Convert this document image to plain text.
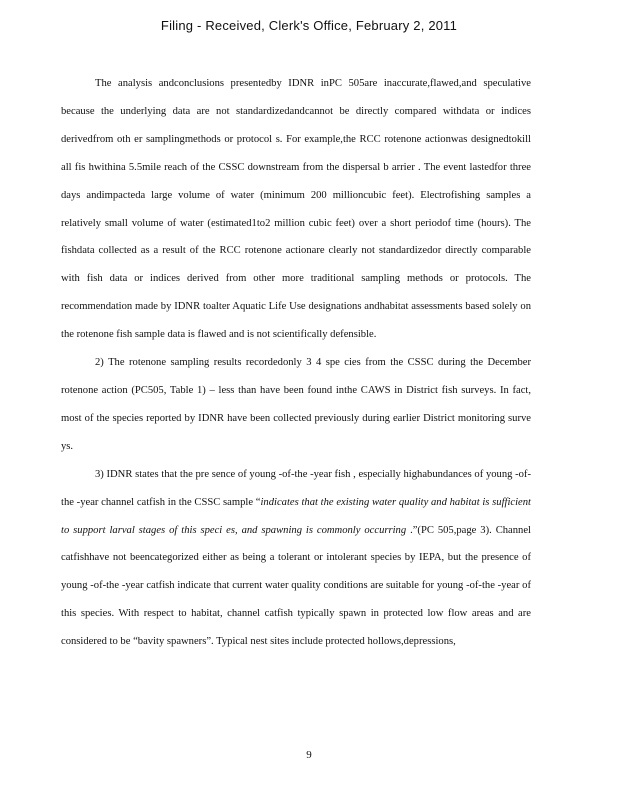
Filing - Received, Clerk's Office, February 2, 2011

The analysis andconclusions presentedby IDNR inPC 505are inaccurate,flawed,and speculative because the underlying data are not standardizedandcannot be directly compared withdata or indices derivedfrom oth er samplingmethods or protocol s. For example,the RCC rotenone actionwas designedtokill all fis hwithina 5.5mile reach of the CSSC downstream from the dispersal b arrier . The event lastedfor three days andimpacteda large volume of water (minimum 200 millioncubic feet). Electrofishing samples a relatively small volume of water (estimated1to2 million cubic feet) over a short periodof time (hours). The fishdata collected as a result of the RCC rotenone actionare clearly not standardizedor directly comparable with fish data or indices derived from other more traditional sampling methods or protocols. The recommendation made by IDNR toalter Aquatic Life Use designations andhabitat assessments based solely on the rotenone fish sample data is flawed and is not scientifically defensible.

2) The rotenone sampling results recordedonly 3 4 spe cies from the CSSC during the December rotenone action (PC505, Table 1) – less than have been found inthe CAWS in District fish surveys. In fact, most of the species reported by IDNR have been collected previously during earlier District monitoring surve ys.

3) IDNR states that the pre sence of young -of-the -year fish , especially highabundances of young -of-the -year channel catfish in the CSSC sample “indicates that the existing water quality and habitat is sufficient to support larval stages of this speci es, and spawning is commonly occurring .”(PC 505,page 3). Channel catfishhave not beencategorized either as being a tolerant or intolerant species by IEPA, but the presence of young -of-the -year catfish indicate that current water quality conditions are suitable for young -of-the -year of this species. With respect to habitat, channel catfish typically spawn in protected low flow areas and are considered to be “bavity spawners”. Typical nest sites include protected hollows,depressions,

9
